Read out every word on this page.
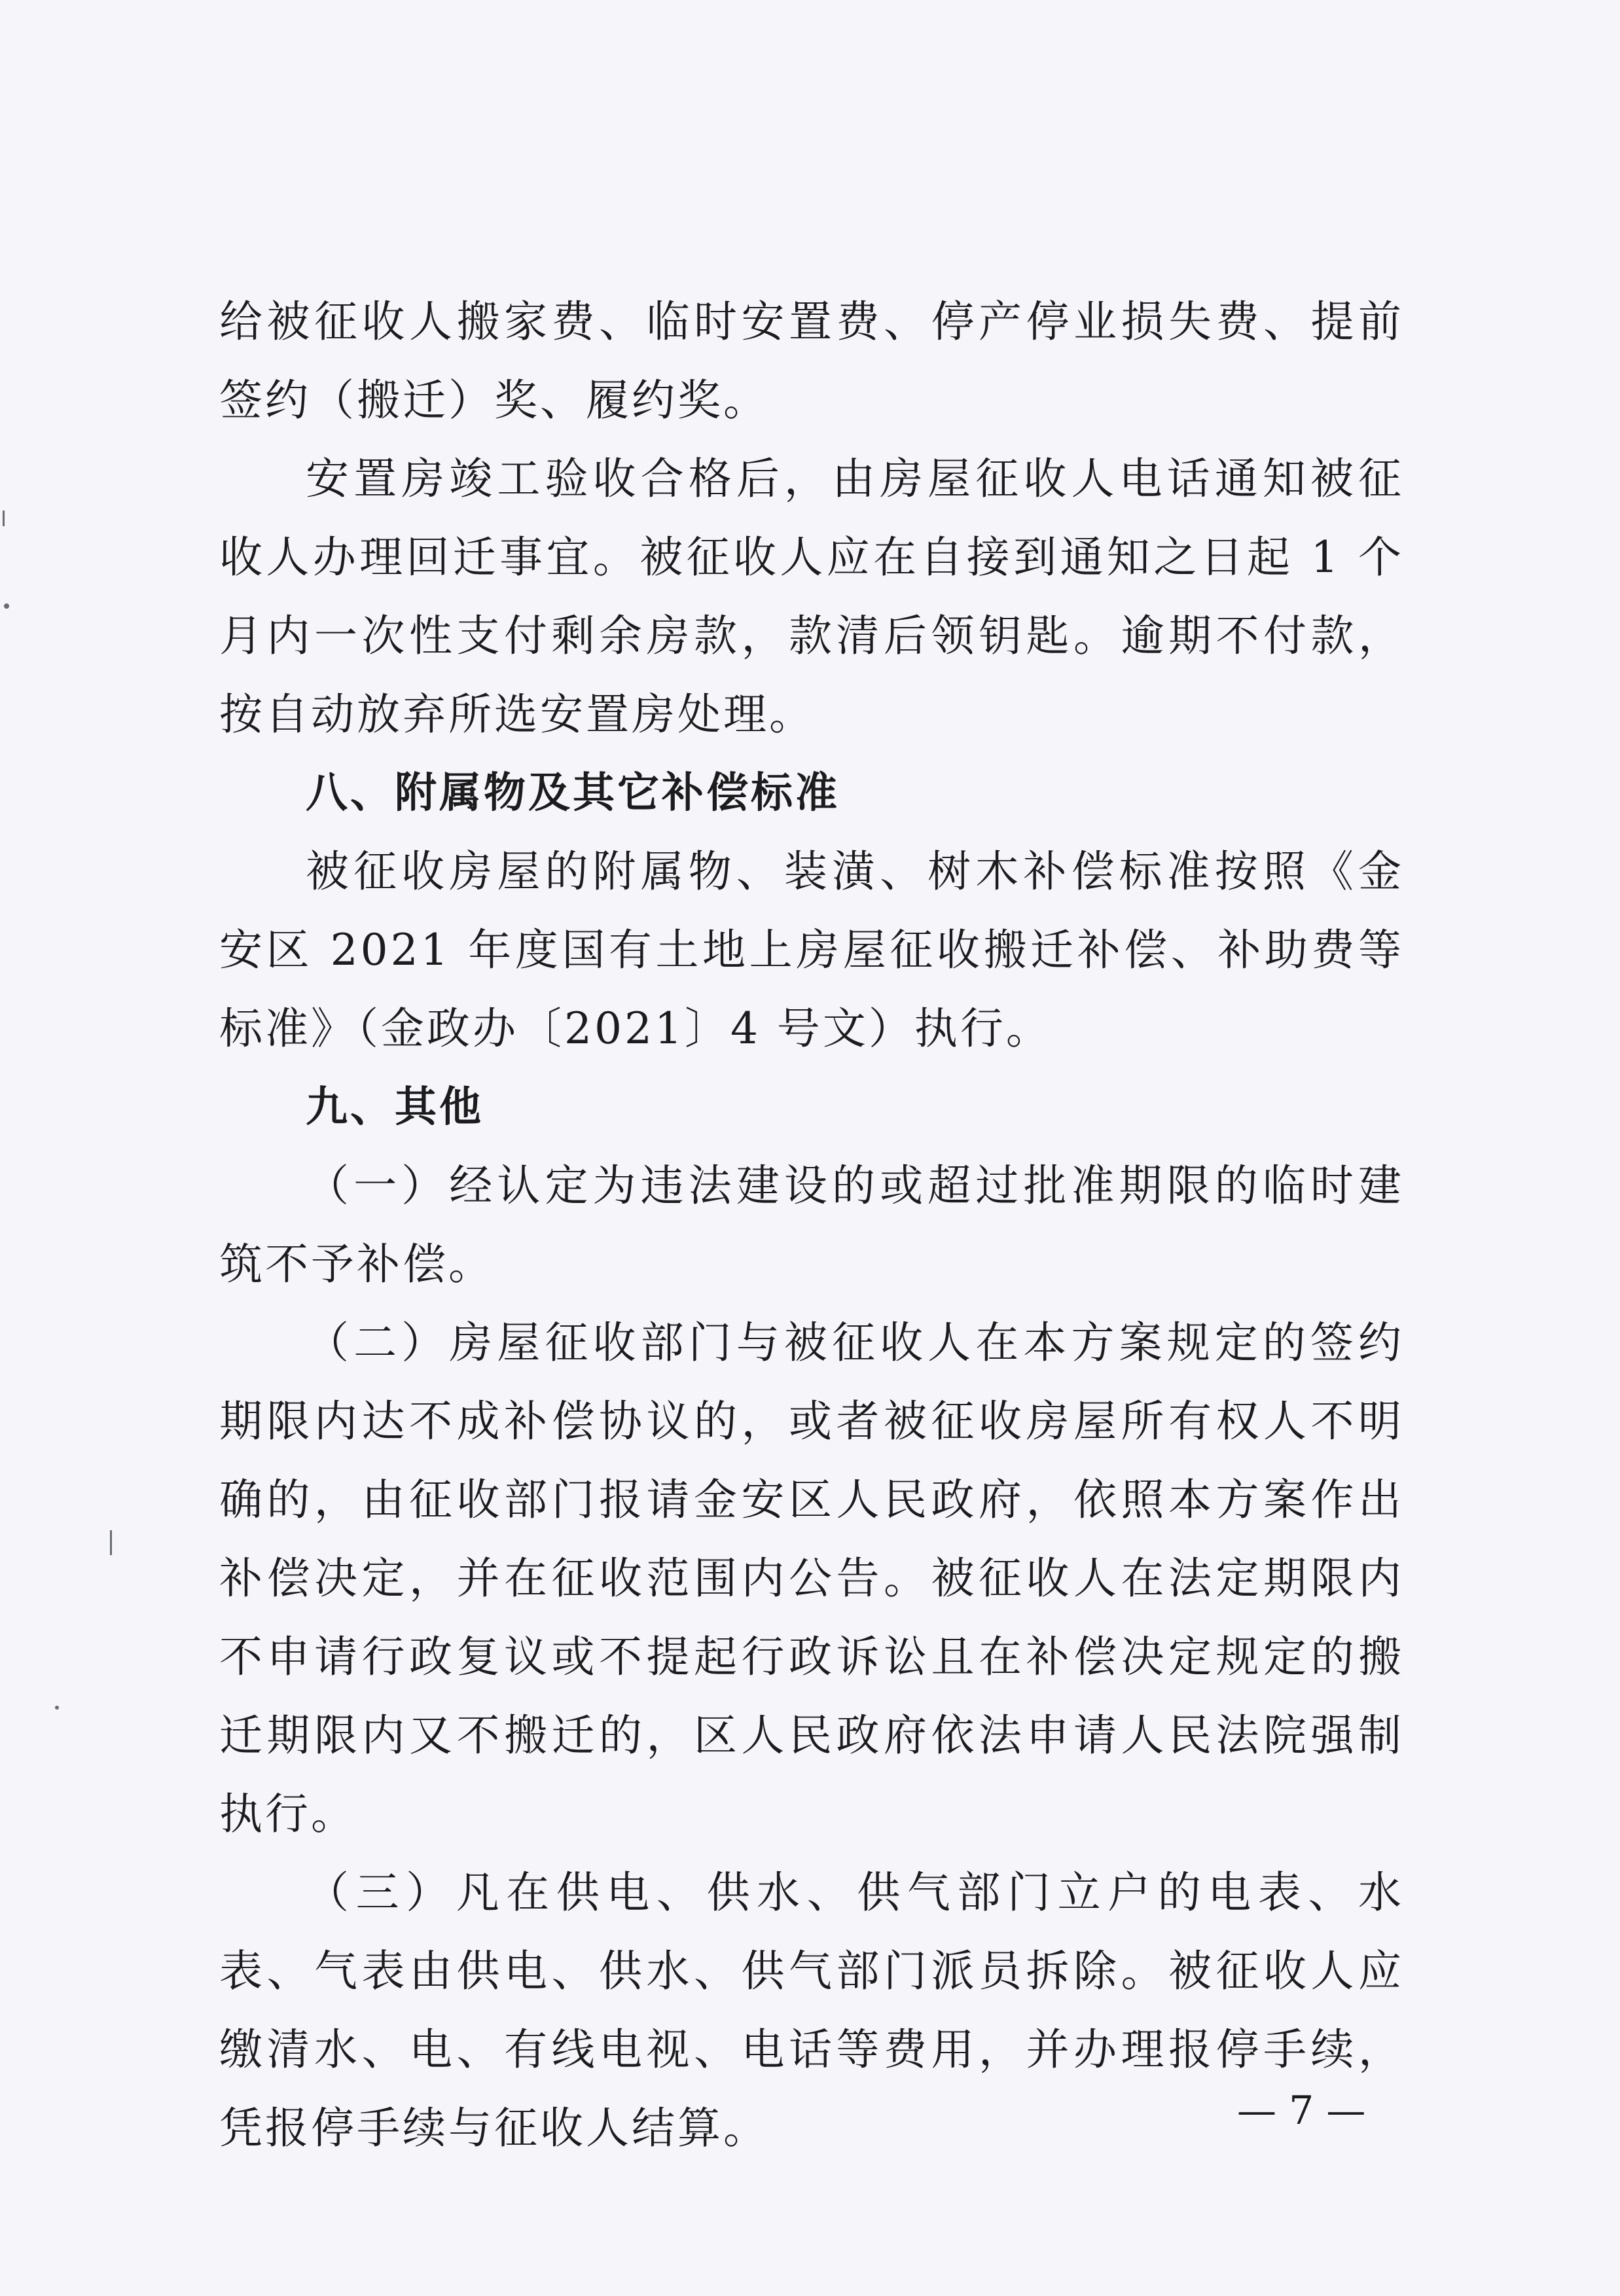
给被征收人搬家费、临时安置费、停产停业损失费、提前签约（搬迁）奖、履约奖。

安置房竣工验收合格后，由房屋征收人电话通知被征收人办理回迁事宜。被征收人应在自接到通知之日起 1 个月内一次性支付剩余房款，款清后领钥匙。逾期不付款，按自动放弃所选安置房处理。

八、附属物及其它补偿标准

被征收房屋的附属物、装潢、树木补偿标准按照《金安区 2021 年度国有土地上房屋征收搬迁补偿、补助费等标准》（金政办〔2021〕4 号文）执行。

九、其他

（一）经认定为违法建设的或超过批准期限的临时建筑不予补偿。

（二）房屋征收部门与被征收人在本方案规定的签约期限内达不成补偿协议的，或者被征收房屋所有权人不明确的，由征收部门报请金安区人民政府，依照本方案作出补偿决定，并在征收范围内公告。被征收人在法定期限内不申请行政复议或不提起行政诉讼且在补偿决定规定的搬迁期限内又不搬迁的，区人民政府依法申请人民法院强制执行。

（三）凡在供电、供水、供气部门立户的电表、水表、气表由供电、供水、供气部门派员拆除。被征收人应缴清水、电、有线电视、电话等费用，并办理报停手续，凭报停手续与征收人结算。	— 7 —
